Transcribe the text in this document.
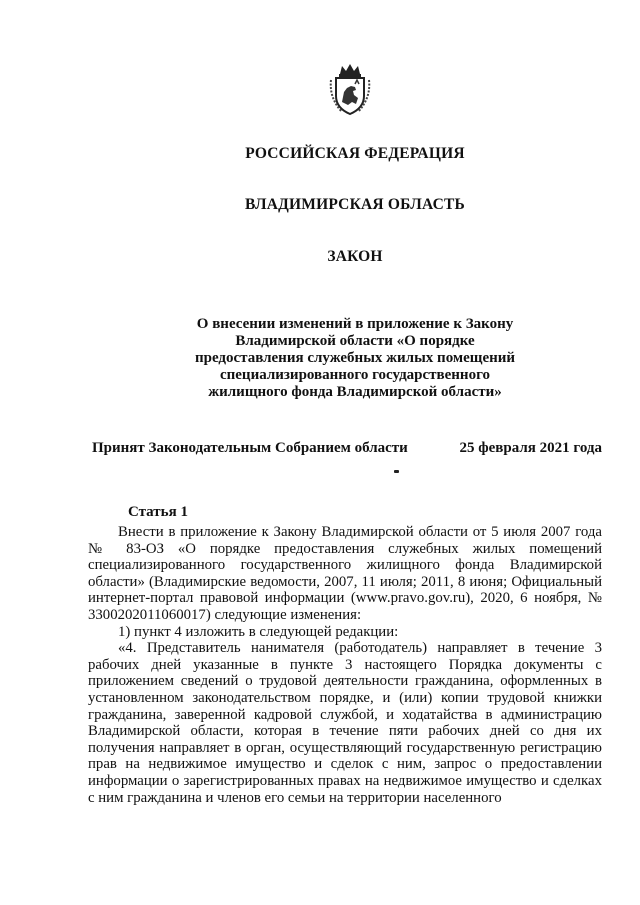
РОССИЙСКАЯ ФЕДЕРАЦИЯ
ВЛАДИМИРСКАЯ ОБЛАСТЬ
ЗАКОН
О внесении изменений в приложение к Закону
Владимирской области «О порядке
предоставления служебных жилых помещений
специализированного государственного
жилищного фонда Владимирской области»
Принят Законодательным Собранием области	25 февраля 2021 года
Статья 1

Внести в приложение к Закону Владимирской области от 5 июля 2007 года № 83-ОЗ «О порядке предоставления служебных жилых помещений специализированного государственного жилищного фонда Владимирской области» (Владимирские ведомости, 2007, 11 июля; 2011, 8 июня; Официальный интернет-портал правовой информации (www.pravo.gov.ru), 2020, 6 ноября, № 3300202011060017) следующие изменения:

1) пункт 4 изложить в следующей редакции:

«4. Представитель нанимателя (работодатель) направляет в течение 3 рабочих дней указанные в пункте 3 настоящего Порядка документы с приложением сведений о трудовой деятельности гражданина, оформленных в установленном законодательством порядке, и (или) копии трудовой книжки гражданина, заверенной кадровой службой, и ходатайства в администрацию Владимирской области, которая в течение пяти рабочих дней со дня их получения направляет в орган, осуществляющий государственную регистрацию прав на недвижимое имущество и сделок с ним, запрос о предоставлении информации о зарегистрированных правах на недвижимое имущество и сделках с ним гражданина и членов его семьи на территории населенного
